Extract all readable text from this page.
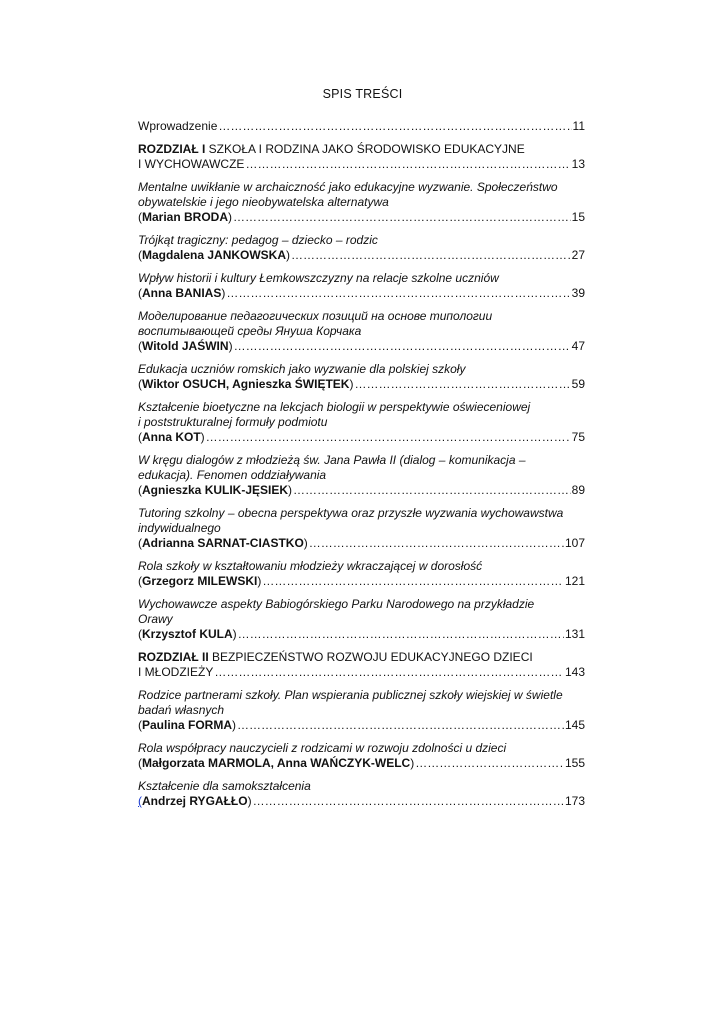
SPIS TREŚCI
Wprowadzenie …………………………………………………………………………………………………………………………………………………………………………………………………………	11
ROZDZIAŁ I SZKOŁA I RODZINA JAKO ŚRODOWISKO EDUKACYJNE
I WYCHOWAWCZE …………………………………………………………………………………………………………………………………………………………………………………………………………	13
Mentalne uwikłanie w archaiczność jako edukacyjne wyzwanie. Społeczeństwo
obywatelskie i jego nieobywatelska alternatywa
(Marian BRODA) …………………………………………………………………………………………………………………………………………………………………………………………………………	15
Trójkąt tragiczny: pedagog – dziecko – rodzic
(Magdalena JANKOWSKA) …………………………………………………………………………………………………………………………………………………………………………………………………………	27
Wpływ historii i kultury Łemkowszczyzny na relacje szkolne uczniów
(Anna BANIAS) …………………………………………………………………………………………………………………………………………………………………………………………………………	39
Моделирование педагогических позиций на основе типологии
воспитывающей среды Януша Корчака
(Witold JAŚWIN) …………………………………………………………………………………………………………………………………………………………………………………………………………	47
Edukacja uczniów romskich jako wyzwanie dla polskiej szkoły
(Wiktor OSUCH, Agnieszka ŚWIĘTEK) …………………………………………………………………………………………………………………………………………………………………………………………………………	59
Kształcenie bioetyczne na lekcjach biologii w perspektywie oświeceniowej
i poststrukturalnej formuły podmiotu
(Anna KOT) …………………………………………………………………………………………………………………………………………………………………………………………………………	75
W kręgu dialogów z młodzieżą św. Jana Pawła II (dialog – komunikacja –
edukacja). Fenomen oddziaływania
(Agnieszka KULIK-JĘSIEK) …………………………………………………………………………………………………………………………………………………………………………………………………………	89
Tutoring szkolny – obecna perspektywa oraz przyszłe wyzwania wychowawstwa
indywidualnego
(Adrianna SARNAT-CIASTKO) …………………………………………………………………………………………………………………………………………………………………………………………………………	107
Rola szkoły w kształtowaniu młodzieży wkraczającej w dorosłość
(Grzegorz MILEWSKI) …………………………………………………………………………………………………………………………………………………………………………………………………………	121
Wychowawcze aspekty Babiogórskiego Parku Narodowego na przykładzie
Orawy
(Krzysztof KULA) …………………………………………………………………………………………………………………………………………………………………………………………………………	131
ROZDZIAŁ II BEZPIECZEŃSTWO ROZWOJU EDUKACYJNEGO DZIECI
I MŁODZIEŻY …………………………………………………………………………………………………………………………………………………………………………………………………………	143
Rodzice partnerami szkoły. Plan wspierania publicznej szkoły wiejskiej w świetle
badań własnych
(Paulina FORMA) …………………………………………………………………………………………………………………………………………………………………………………………………………	145
Rola współpracy nauczycieli z rodzicami w rozwoju zdolności u dzieci
(Małgorzata MARMOLA, Anna WAŃCZYK-WELC) …………………………………………………………………………………………………………………………………………………………………………………………………………	155
Kształcenie dla samokształcenia
(Andrzej RYGAŁŁO) …………………………………………………………………………………………………………………………………………………………………………………………………………	173
